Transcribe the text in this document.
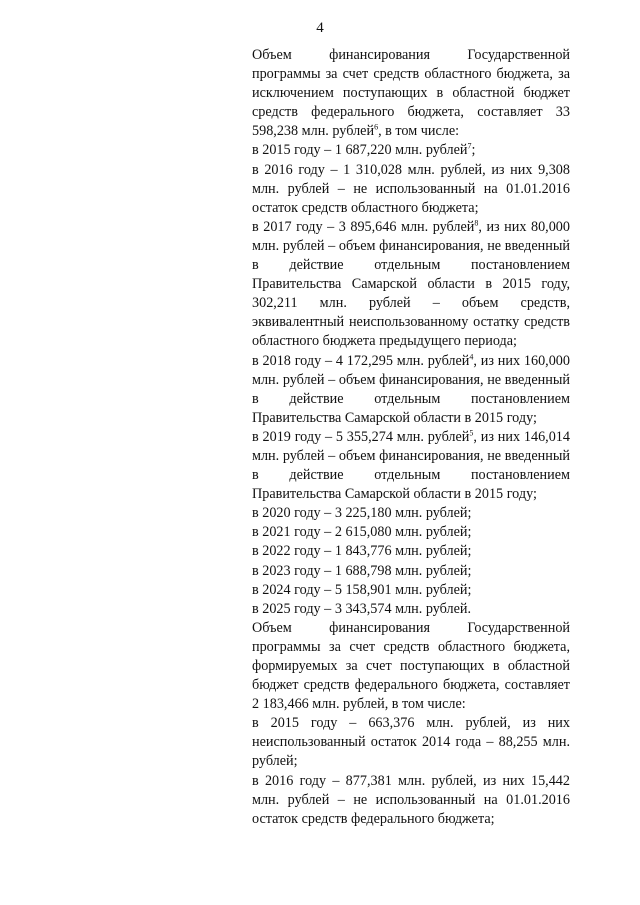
4

Объем финансирования Государственной программы за счет средств областного бюджета, за исключением поступающих в областной бюджет средств федерального бюджета, составляет 33 598,238 млн. рублей$^6$, в том числе:

в 2015 году – 1 687,220 млн. рублей$^7$;

в 2016 году – 1 310,028 млн. рублей, из них 9,308 млн. рублей – не использованный на 01.01.2016 остаток средств областного бюджета;

в 2017 году – 3 895,646 млн. рублей$^8$, из них 80,000 млн. рублей – объем финансирования, не введенный в действие отдельным постановлением Правительства Самарской области в 2015 году, 302,211 млн. рублей – объем средств, эквивалентный неиспользованному остатку средств областного бюджета предыдущего периода;

в 2018 году – 4 172,295 млн. рублей$^4$, из них 160,000 млн. рублей – объем финансирования, не введенный в действие отдельным постановлением Правительства Самарской области в 2015 году;

в 2019 году – 5 355,274 млн. рублей$^5$, из них 146,014 млн. рублей – объем финансирования, не введенный в действие отдельным постановлением Правительства Самарской области в 2015 году;

в 2020 году – 3 225,180 млн. рублей;

в 2021 году – 2 615,080 млн. рублей;

в 2022 году – 1 843,776 млн. рублей;

в 2023 году – 1 688,798 млн. рублей;

в 2024 году – 5 158,901 млн. рублей;

в 2025 году – 3 343,574 млн. рублей.

Объем финансирования Государственной программы за счет средств областного бюджета, формируемых за счет поступающих в областной бюджет средств федерального бюджета, составляет 2 183,466 млн. рублей, в том числе:

в 2015 году – 663,376 млн. рублей, из них неиспользованный остаток 2014 года – 88,255 млн. рублей;

в 2016 году – 877,381 млн. рублей, из них 15,442 млн. рублей – не использованный на 01.01.2016 остаток средств федерального бюджета;
